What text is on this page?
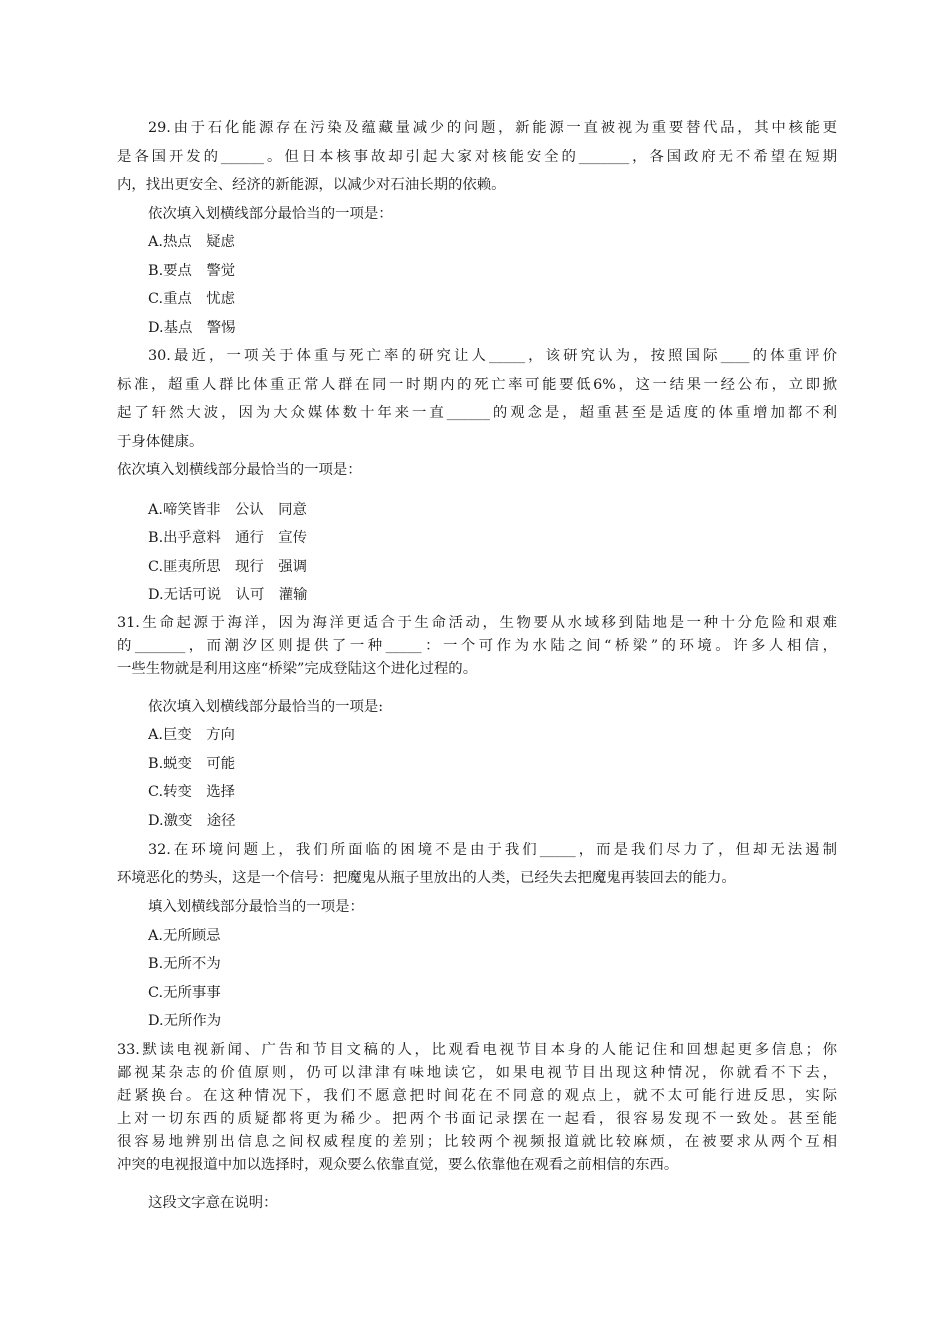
29.由于石化能源存在污染及蕴藏量减少的问题，新能源一直被视为重要替代品，其中核能更
是各国开发的______。但日本核事故却引起大家对核能安全的_______，各国政府无不希望在短期
内，找出更安全、经济的新能源，以减少对石油长期的依赖。
依次填入划横线部分最恰当的一项是：
A.热点　疑虑
B.要点　警觉
C.重点　忧虑
D.基点　警惕
30.最近，一项关于体重与死亡率的研究让人_____，该研究认为，按照国际____的体重评价
标准，超重人群比体重正常人群在同一时期内的死亡率可能要低6%，这一结果一经公布，立即掀
起了轩然大波，因为大众媒体数十年来一直______的观念是，超重甚至是适度的体重增加都不利
于身体健康。
依次填入划横线部分最恰当的一项是：
A.啼笑皆非　公认　同意
B.出乎意料　通行　宣传
C.匪夷所思　现行　强调
D.无话可说　认可　灌输
31.生命起源于海洋，因为海洋更适合于生命活动，生物要从水域移到陆地是一种十分危险和艰难
的_______，而潮汐区则提供了一种_____：一个可作为水陆之间“桥梁”的环境。许多人相信，
一些生物就是利用这座“桥梁”完成登陆这个进化过程的。
依次填入划横线部分最恰当的一项是:
A.巨变　方向
B.蜕变　可能
C.转变　选择
D.激变　途径
32.在环境问题上，我们所面临的困境不是由于我们_____，而是我们尽力了，但却无法遏制
环境恶化的势头，这是一个信号：把魔鬼从瓶子里放出的人类，已经失去把魔鬼再装回去的能力。
填入划横线部分最恰当的一项是：
A.无所顾忌
B.无所不为
C.无所事事
D.无所作为
33.默读电视新闻、广告和节目文稿的人，比观看电视节目本身的人能记住和回想起更多信息；你
鄙视某杂志的价值原则，仍可以津津有味地读它，如果电视节目出现这种情况，你就看不下去，
赶紧换台。在这种情况下，我们不愿意把时间花在不同意的观点上，就不太可能行进反思，实际
上对一切东西的质疑都将更为稀少。把两个书面记录摆在一起看，很容易发现不一致处。甚至能
很容易地辨别出信息之间权威程度的差别；比较两个视频报道就比较麻烦，在被要求从两个互相
冲突的电视报道中加以选择时，观众要么依靠直觉，要么依靠他在观看之前相信的东西。
这段文字意在说明：
